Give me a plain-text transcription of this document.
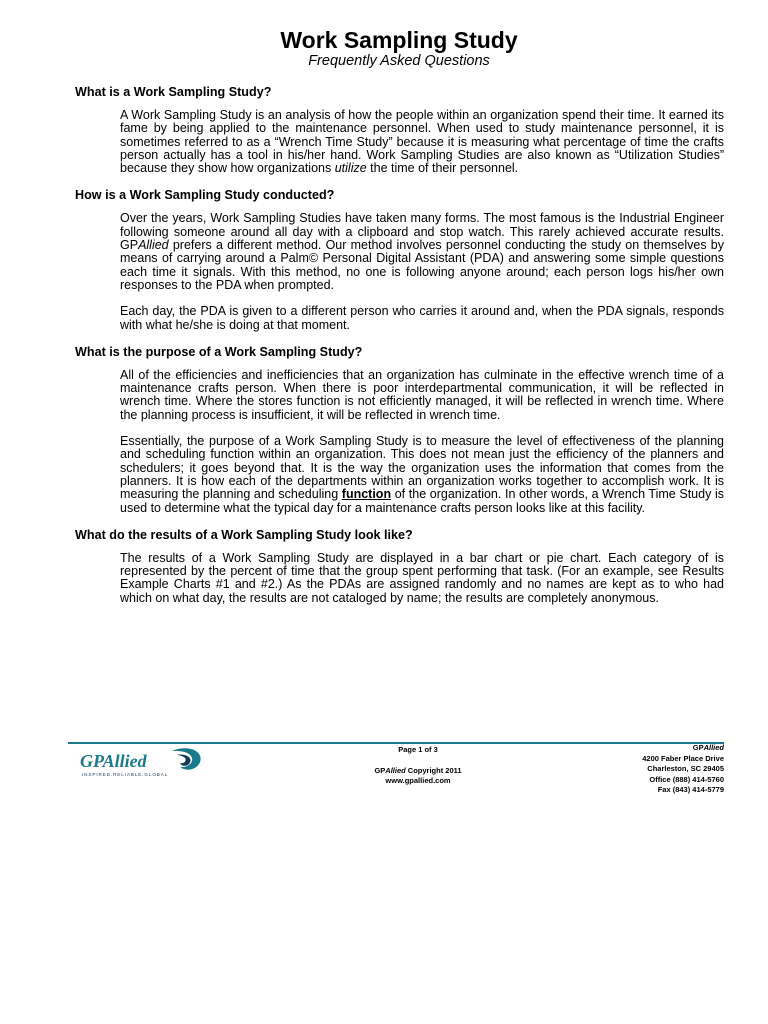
Work Sampling Study
Frequently Asked Questions
What is a Work Sampling Study?
A Work Sampling Study is an analysis of how the people within an organization spend their time. It earned its fame by being applied to the maintenance personnel. When used to study maintenance personnel, it is sometimes referred to as a “Wrench Time Study” because it is measuring what percentage of time the crafts person actually has a tool in his/her hand. Work Sampling Studies are also known as “Utilization Studies” because they show how organizations utilize the time of their personnel.
How is a Work Sampling Study conducted?
Over the years, Work Sampling Studies have taken many forms. The most famous is the Industrial Engineer following someone around all day with a clipboard and stop watch. This rarely achieved accurate results. GPAllied prefers a different method. Our method involves personnel conducting the study on themselves by means of carrying around a Palm© Personal Digital Assistant (PDA) and answering some simple questions each time it signals. With this method, no one is following anyone around; each person logs his/her own responses to the PDA when prompted.
Each day, the PDA is given to a different person who carries it around and, when the PDA signals, responds with what he/she is doing at that moment.
What is the purpose of a Work Sampling Study?
All of the efficiencies and inefficiencies that an organization has culminate in the effective wrench time of a maintenance crafts person. When there is poor interdepartmental communication, it will be reflected in wrench time. Where the stores function is not efficiently managed, it will be reflected in wrench time. Where the planning process is insufficient, it will be reflected in wrench time.
Essentially, the purpose of a Work Sampling Study is to measure the level of effectiveness of the planning and scheduling function within an organization. This does not mean just the efficiency of the planners and schedulers; it goes beyond that. It is the way the organization uses the information that comes from the planners. It is how each of the departments within an organization works together to accomplish work. It is measuring the planning and scheduling function of the organization. In other words, a Wrench Time Study is used to determine what the typical day for a maintenance crafts person looks like at this facility.
What do the results of a Work Sampling Study look like?
The results of a Work Sampling Study are displayed in a bar chart or pie chart. Each category of is represented by the percent of time that the group spent performing that task. (For an example, see Results Example Charts #1 and #2.) As the PDAs are assigned randomly and no names are kept as to who had which on what day, the results are not cataloged by name; the results are completely anonymous.
GPAllied
INSPIRED.RELIABLE.GLOBAL
Page 1 of 3
GPAllied Copyright 2011
www.gpallied.com
GPAllied
4200 Faber Place Drive
Charleston, SC 29405
Office (888) 414-5760
Fax (843) 414-5779
